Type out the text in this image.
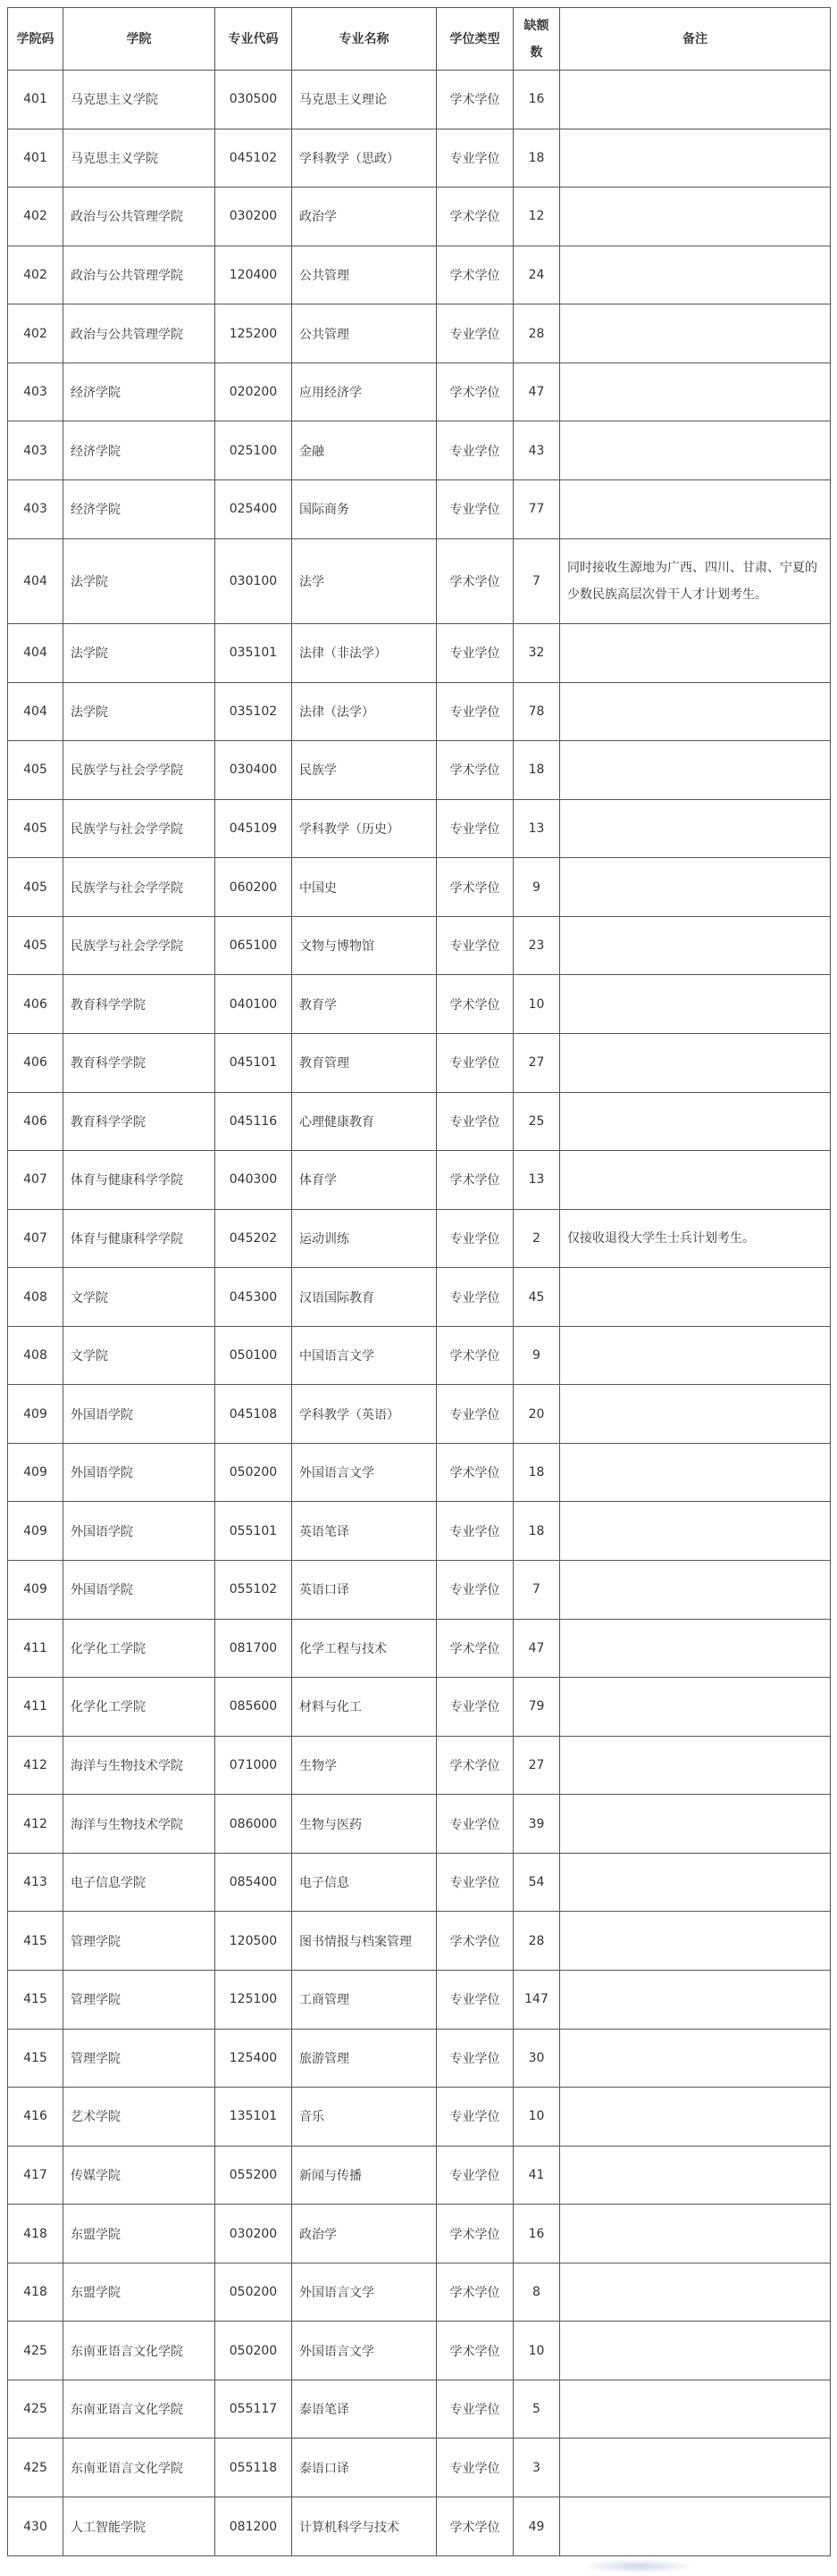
学院码	学院	专业代码	专业名称	学位类型	缺额数	备注
401	马克思主义学院	030500	马克思主义理论	学术学位	16	
401	马克思主义学院	045102	学科教学（思政）	专业学位	18	
402	政治与公共管理学院	030200	政治学	学术学位	12	
402	政治与公共管理学院	120400	公共管理	学术学位	24	
402	政治与公共管理学院	125200	公共管理	专业学位	28	
403	经济学院	020200	应用经济学	学术学位	47	
403	经济学院	025100	金融	专业学位	43	
403	经济学院	025400	国际商务	专业学位	77	
404	法学院	030100	法学	学术学位	7	同时接收生源地为广西、四川、甘肃、宁夏的少数民族高层次骨干人才计划考生。
404	法学院	035101	法律（非法学）	专业学位	32	
404	法学院	035102	法律（法学）	专业学位	78	
405	民族学与社会学学院	030400	民族学	学术学位	18	
405	民族学与社会学学院	045109	学科教学（历史）	专业学位	13	
405	民族学与社会学学院	060200	中国史	学术学位	9	
405	民族学与社会学学院	065100	文物与博物馆	专业学位	23	
406	教育科学学院	040100	教育学	学术学位	10	
406	教育科学学院	045101	教育管理	专业学位	27	
406	教育科学学院	045116	心理健康教育	专业学位	25	
407	体育与健康科学学院	040300	体育学	学术学位	13	
407	体育与健康科学学院	045202	运动训练	专业学位	2	仅接收退役大学生士兵计划考生。
408	文学院	045300	汉语国际教育	专业学位	45	
408	文学院	050100	中国语言文学	学术学位	9	
409	外国语学院	045108	学科教学（英语）	专业学位	20	
409	外国语学院	050200	外国语言文学	学术学位	18	
409	外国语学院	055101	英语笔译	专业学位	18	
409	外国语学院	055102	英语口译	专业学位	7	
411	化学化工学院	081700	化学工程与技术	学术学位	47	
411	化学化工学院	085600	材料与化工	专业学位	79	
412	海洋与生物技术学院	071000	生物学	学术学位	27	
412	海洋与生物技术学院	086000	生物与医药	专业学位	39	
413	电子信息学院	085400	电子信息	专业学位	54	
415	管理学院	120500	图书情报与档案管理	学术学位	28	
415	管理学院	125100	工商管理	专业学位	147	
415	管理学院	125400	旅游管理	专业学位	30	
416	艺术学院	135101	音乐	专业学位	10	
417	传媒学院	055200	新闻与传播	专业学位	41	
418	东盟学院	030200	政治学	学术学位	16	
418	东盟学院	050200	外国语言文学	学术学位	8	
425	东南亚语言文化学院	050200	外国语言文学	学术学位	10	
425	东南亚语言文化学院	055117	泰语笔译	专业学位	5	
425	东南亚语言文化学院	055118	泰语口译	专业学位	3	
430	人工智能学院	081200	计算机科学与技术	学术学位	49	
